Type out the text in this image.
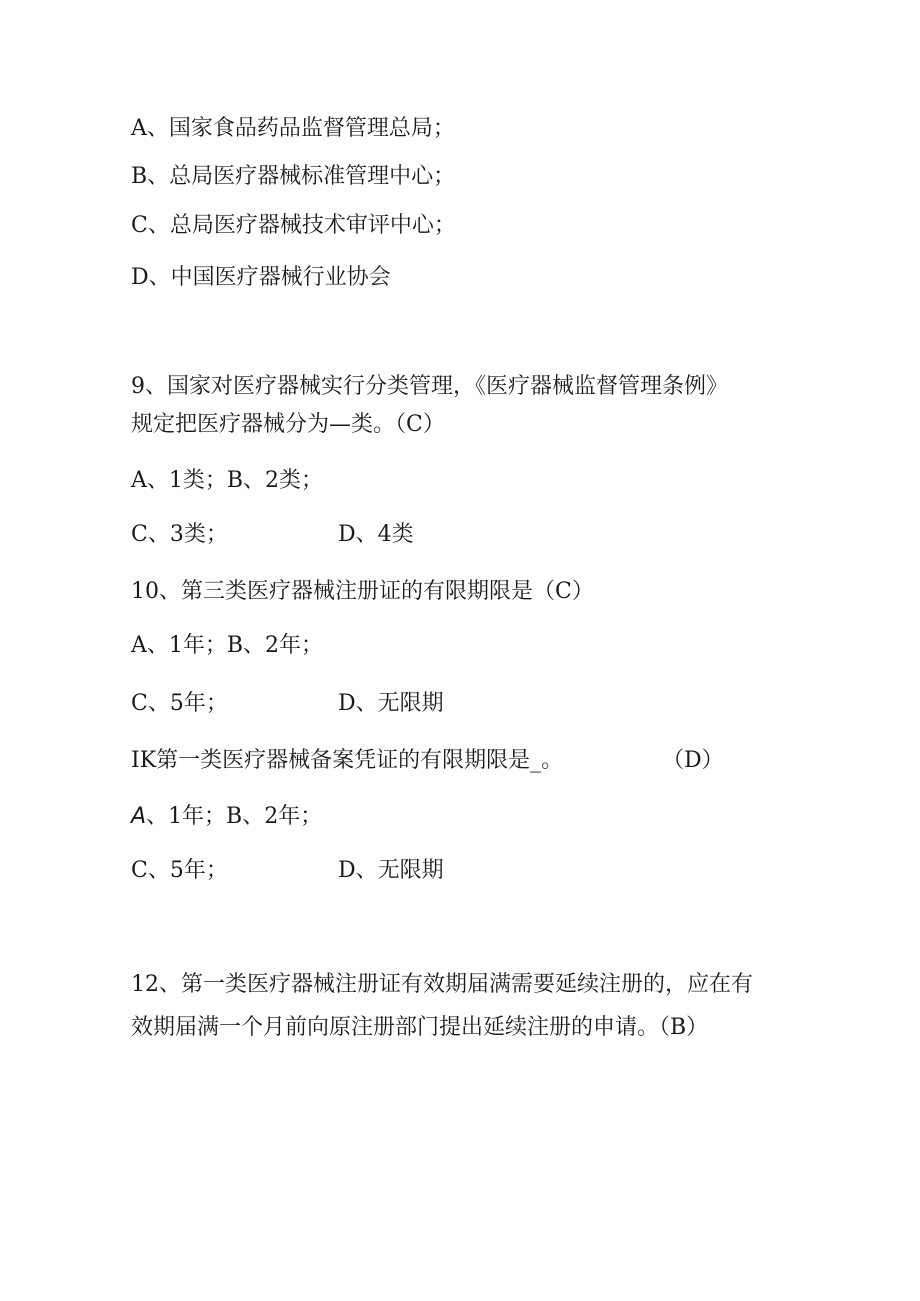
A、国家食品药品监督管理总局；
B、总局医疗器械标准管理中心；
C、总局医疗器械技术审评中心；
D、中国医疗器械行业协会
9、国家对医疗器械实行分类管理，《医疗器械监督管理条例》
规定把医疗器械分为—类。（C）
A、1类；B、2类；
C、3类；	D、4类
10、第三类医疗器械注册证的有限期限是（C）
A、1年；B、2年；
C、5年；	D、无限期
IK第一类医疗器械备案凭证的有限期限是_。	（D）
A、1年；B、2年；
C、5年；	D、无限期
12、第一类医疗器械注册证有效期届满需要延续注册的，应在有
效期届满一个月前向原注册部门提出延续注册的申请。（B）
